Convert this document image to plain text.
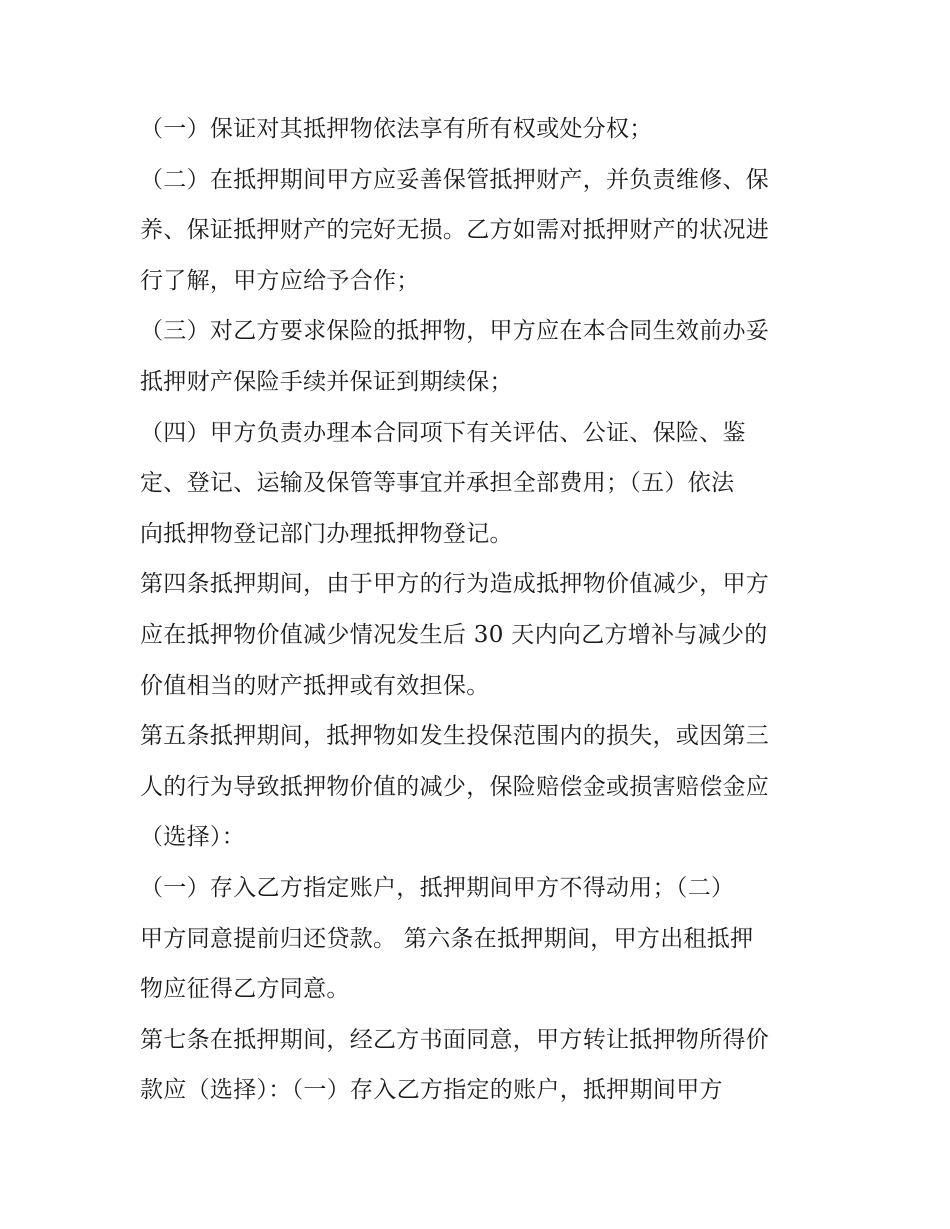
（一）保证对其抵押物依法享有所有权或处分权；
（二）在抵押期间甲方应妥善保管抵押财产，并负责维修、保
养、保证抵押财产的完好无损。乙方如需对抵押财产的状况进
行了解，甲方应给予合作；
（三）对乙方要求保险的抵押物，甲方应在本合同生效前办妥
抵押财产保险手续并保证到期续保；
（四）甲方负责办理本合同项下有关评估、公证、保险、鉴
定、登记、运输及保管等事宜并承担全部费用；（五）依法
向抵押物登记部门办理抵押物登记。
第四条抵押期间，由于甲方的行为造成抵押物价值减少，甲方
应在抵押物价值减少情况发生后 30 天内向乙方增补与减少的
价值相当的财产抵押或有效担保。
第五条抵押期间，抵押物如发生投保范围内的损失，或因第三
人的行为导致抵押物价值的减少，保险赔偿金或损害赔偿金应
（选择）：
（一）存入乙方指定账户，抵押期间甲方不得动用；（二）
甲方同意提前归还贷款。 第六条在抵押期间，甲方出租抵押
物应征得乙方同意。
第七条在抵押期间，经乙方书面同意，甲方转让抵押物所得价
款应（选择）：（一）存入乙方指定的账户，抵押期间甲方
